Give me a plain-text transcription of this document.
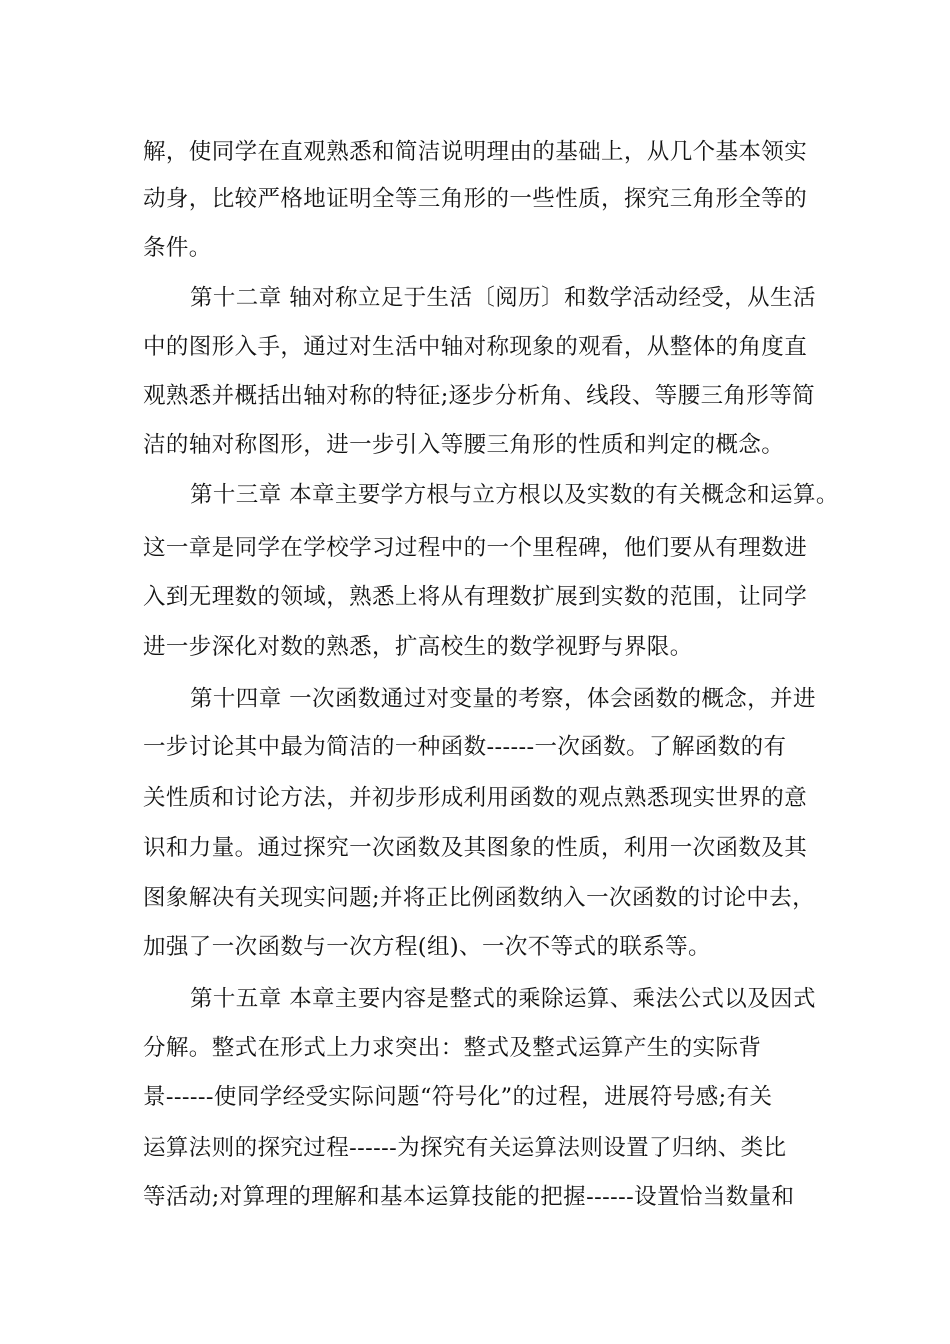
解，使同学在直观熟悉和简洁说明理由的基础上，从几个基本领实
动身，比较严格地证明全等三角形的一些性质，探究三角形全等的
条件。
第十二章 轴对称立足于生活〔阅历〕和数学活动经受，从生活
中的图形入手，通过对生活中轴对称现象的观看，从整体的角度直
观熟悉并概括出轴对称的特征;逐步分析角、线段、等腰三角形等简
洁的轴对称图形，进一步引入等腰三角形的性质和判定的概念。
第十三章 本章主要学方根与立方根以及实数的有关概念和运算。
这一章是同学在学校学习过程中的一个里程碑，他们要从有理数进
入到无理数的领域，熟悉上将从有理数扩展到实数的范围，让同学
进一步深化对数的熟悉，扩高校生的数学视野与界限。
第十四章 一次函数通过对变量的考察，体会函数的概念，并进
一步讨论其中最为简洁的一种函数------一次函数。了解函数的有
关性质和讨论方法，并初步形成利用函数的观点熟悉现实世界的意
识和力量。通过探究一次函数及其图象的性质，利用一次函数及其
图象解决有关现实问题;并将正比例函数纳入一次函数的讨论中去，
加强了一次函数与一次方程(组)、一次不等式的联系等。
第十五章 本章主要内容是整式的乘除运算、乘法公式以及因式
分解。整式在形式上力求突出：整式及整式运算产生的实际背
景------使同学经受实际问题“符号化”的过程，进展符号感;有关
运算法则的探究过程------为探究有关运算法则设置了归纳、类比
等活动;对算理的理解和基本运算技能的把握------设置恰当数量和
